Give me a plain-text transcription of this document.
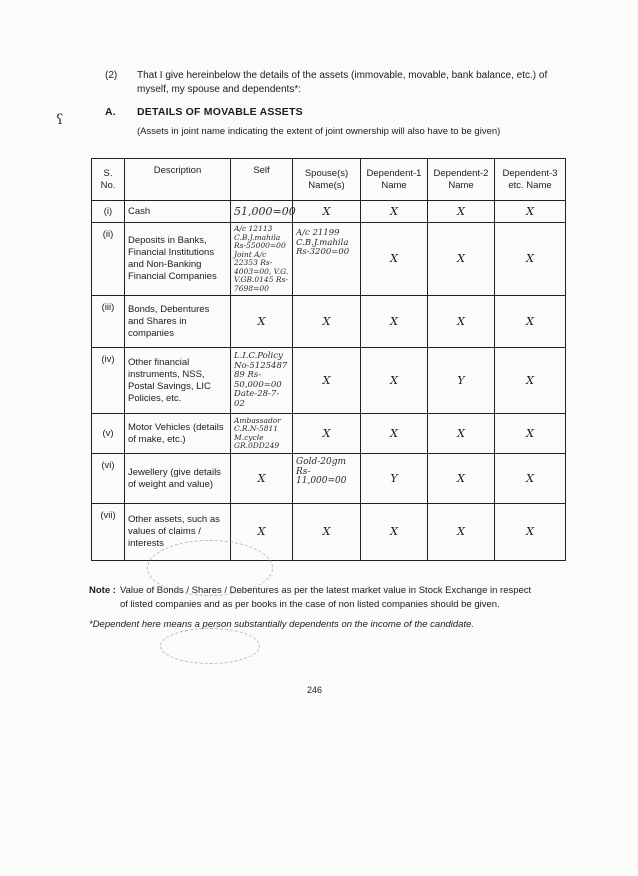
(2) That I give hereinbelow the details of the assets (immovable, movable, bank balance, etc.) of
myself, my spouse and dependents*:
ʕ	A. DETAILS OF MOVABLE ASSETS
(Assets in joint name indicating the extent of joint ownership will also have to be given)
S. No.	Description	Self	Spouse(s) Name(s)	Dependent-1 Name	Dependent-2 Name	Dependent-3 etc. Name
(i)	Cash	51,000=00	X	X	X	X
(ii)	Deposits in Banks, Financial Institutions and Non-Banking Financial Companies	A/c 12113 C.B.J.mahila Rs-55000=00 Joint A/c 22353 Rs-4003=00, V.G. V.GB.0145 Rs-7698=00	A/c 21199 C.B.J.mahila Rs-3200=00	X	X	X
(iii)	Bonds, Debentures and Shares in companies	X	X	X	X	X
(iv)	Other financial instruments, NSS, Postal Savings, LIC Policies, etc.	L.I.C.Policy No-5125487 89 Rs-50,000=00 Date-28-7-02	X	X	Y	X
(v)	Motor Vehicles (details of make, etc.)	Ambassador C.R.N-5811 M.cycle GR.0DD249	X	X	X	X
(vi)	Jewellery (give details of weight and value)	X	Gold-20gm Rs-11,000=00	Y	X	X
(vii)	Other assets, such as values of claims / interests	X	X	X	X	X
Note : Value of Bonds / Shares / Debentures as per the latest market value in Stock Exchange in respect
of listed companies and as per books in the case of non listed companies should be given.
*Dependent here means a person substantially dependents on the income of the candidate.
246
